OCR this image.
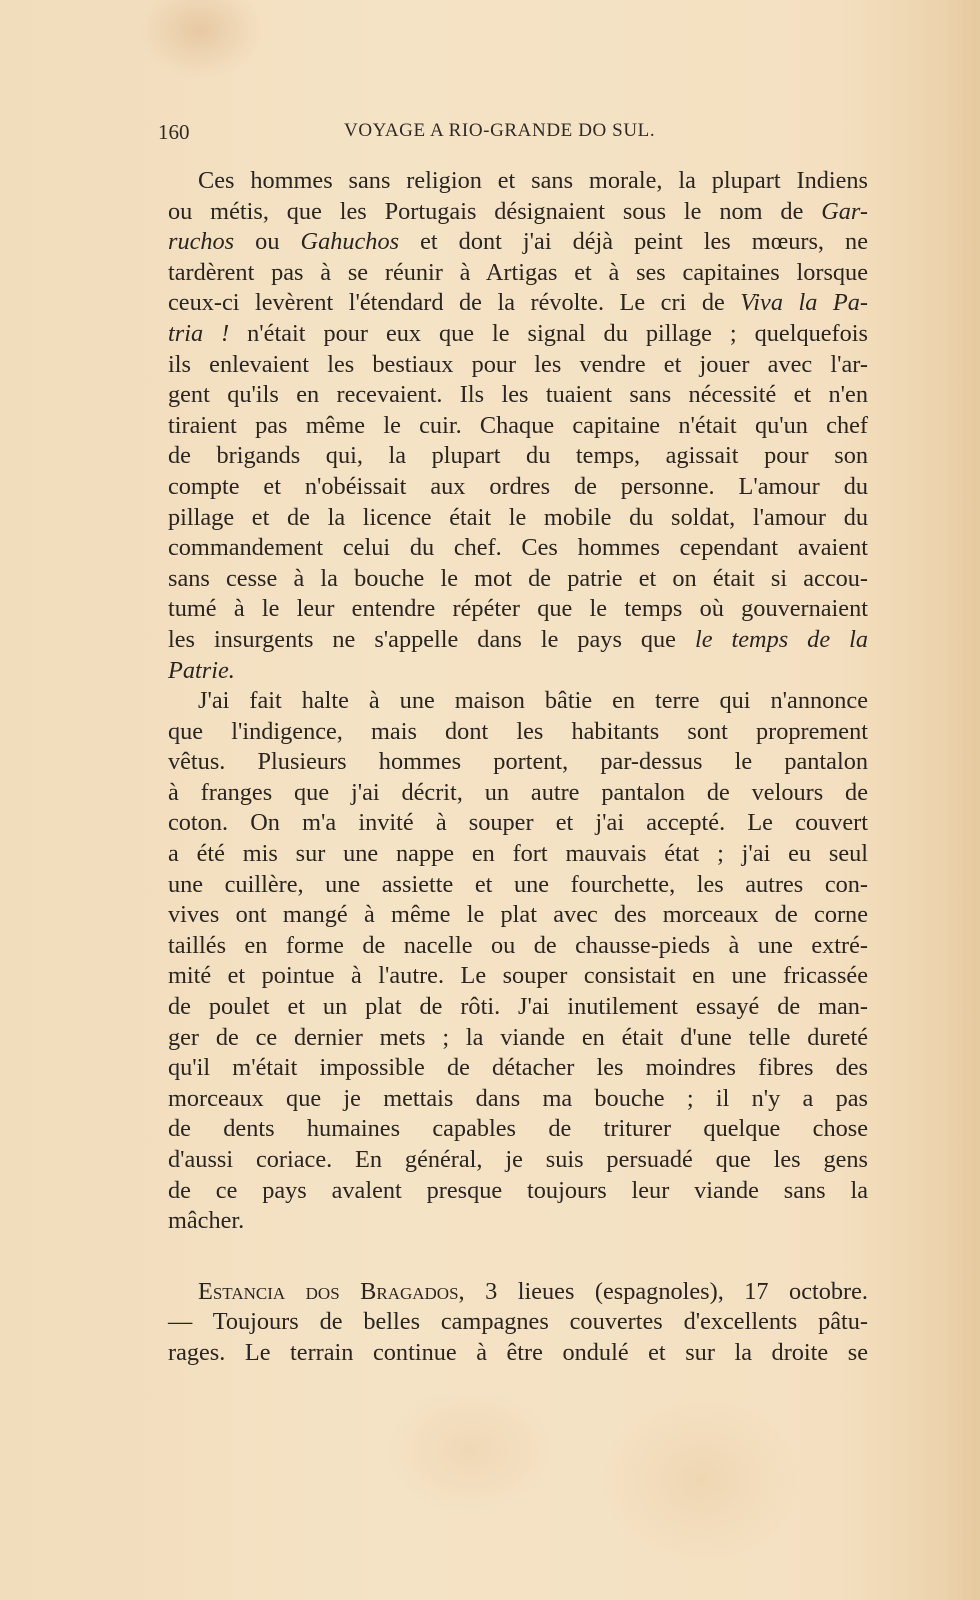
160	VOYAGE A RIO-GRANDE DO SUL.
Ces hommes sans religion et sans morale, la plupart Indiens
ou métis, que les Portugais désignaient sous le nom de Gar-
ruchos ou Gahuchos et dont j'ai déjà peint les mœurs, ne
tardèrent pas à se réunir à Artigas et à ses capitaines lorsque
ceux-ci levèrent l'étendard de la révolte. Le cri de Viva la Pa-
tria ! n'était pour eux que le signal du pillage ; quelquefois
ils enlevaient les bestiaux pour les vendre et jouer avec l'ar-
gent qu'ils en recevaient. Ils les tuaient sans nécessité et n'en
tiraient pas même le cuir. Chaque capitaine n'était qu'un chef
de brigands qui, la plupart du temps, agissait pour son
compte et n'obéissait aux ordres de personne. L'amour du
pillage et de la licence était le mobile du soldat, l'amour du
commandement celui du chef. Ces hommes cependant avaient
sans cesse à la bouche le mot de patrie et on était si accou-
tumé à le leur entendre répéter que le temps où gouvernaient
les insurgents ne s'appelle dans le pays que le temps de la
Patrie.
J'ai fait halte à une maison bâtie en terre qui n'annonce
que l'indigence, mais dont les habitants sont proprement
vêtus. Plusieurs hommes portent, par-dessus le pantalon
à franges que j'ai décrit, un autre pantalon de velours de
coton. On m'a invité à souper et j'ai accepté. Le couvert
a été mis sur une nappe en fort mauvais état ; j'ai eu seul
une cuillère, une assiette et une fourchette, les autres con-
vives ont mangé à même le plat avec des morceaux de corne
taillés en forme de nacelle ou de chausse-pieds à une extré-
mité et pointue à l'autre. Le souper consistait en une fricassée
de poulet et un plat de rôti. J'ai inutilement essayé de man-
ger de ce dernier mets ; la viande en était d'une telle dureté
qu'il m'était impossible de détacher les moindres fibres des
morceaux que je mettais dans ma bouche ; il n'y a pas
de dents humaines capables de triturer quelque chose
d'aussi coriace. En général, je suis persuadé que les gens
de ce pays avalent presque toujours leur viande sans la
mâcher.
Estancia dos Bragados, 3 lieues (espagnoles), 17 octobre.
— Toujours de belles campagnes couvertes d'excellents pâtu-
rages. Le terrain continue à être ondulé et sur la droite se
